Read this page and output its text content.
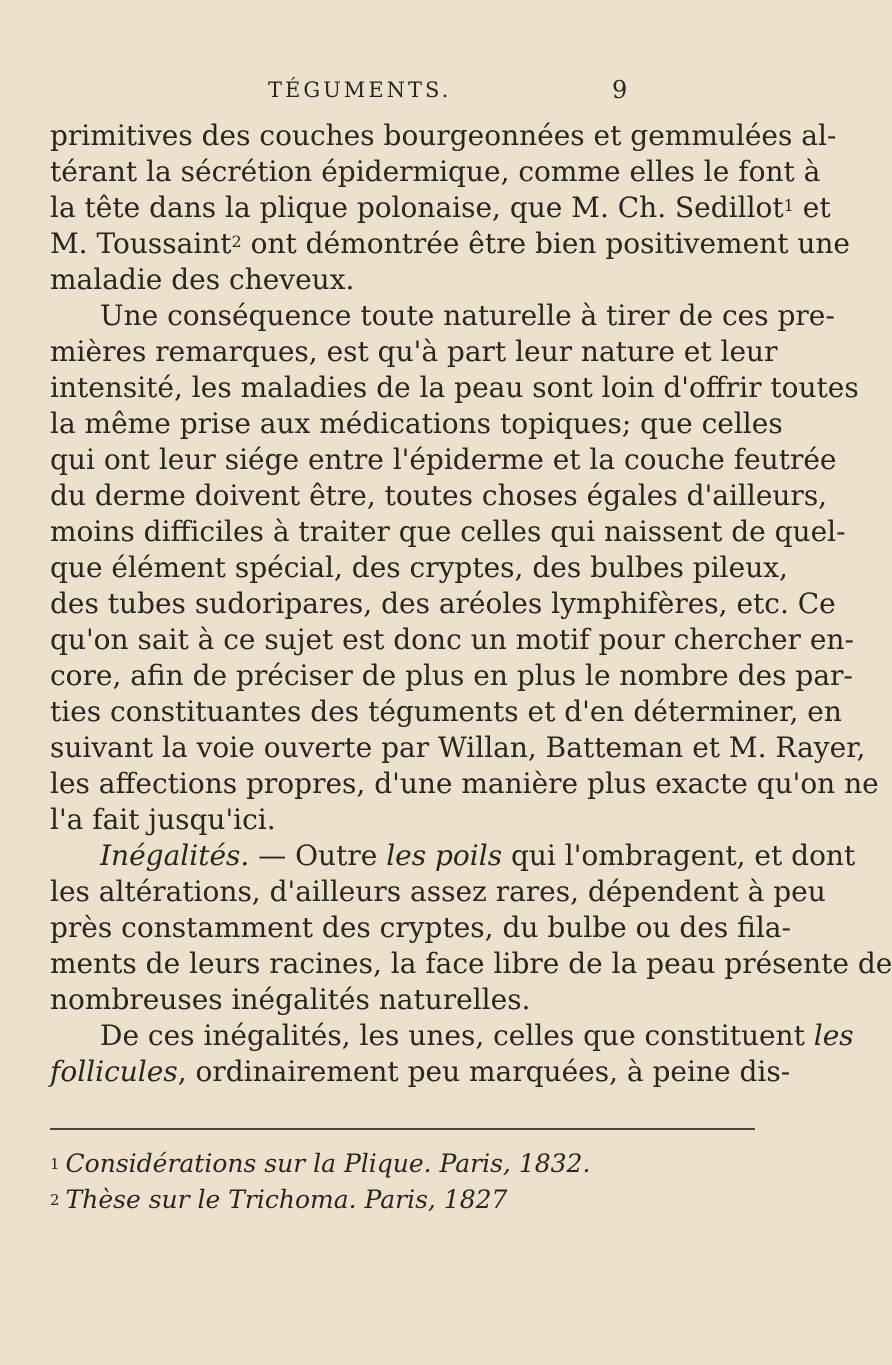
TÉGUMENTS.	9
primitives des couches bourgeonnées et gemmulées al-
térant la sécrétion épidermique, comme elles le font à
la tête dans la plique polonaise, que M. Ch. Sedillot$^1$ et
M. Toussaint$^2$ ont démontrée être bien positivement une
maladie des cheveux.
Une conséquence toute naturelle à tirer de ces pre-
mières remarques, est qu'à part leur nature et leur
intensité, les maladies de la peau sont loin d'offrir toutes
la même prise aux médications topiques; que celles
qui ont leur siége entre l'épiderme et la couche feutrée
du derme doivent être, toutes choses égales d'ailleurs,
moins difficiles à traiter que celles qui naissent de quel-
que élément spécial, des cryptes, des bulbes pileux,
des tubes sudoripares, des aréoles lymphifères, etc. Ce
qu'on sait à ce sujet est donc un motif pour chercher en-
core, afin de préciser de plus en plus le nombre des par-
ties constituantes des téguments et d'en déterminer, en
suivant la voie ouverte par Willan, Batteman et M. Rayer,
les affections propres, d'une manière plus exacte qu'on ne
l'a fait jusqu'ici.
Inégalités. — Outre les poils qui l'ombragent, et dont
les altérations, d'ailleurs assez rares, dépendent à peu
près constamment des cryptes, du bulbe ou des fila-
ments de leurs racines, la face libre de la peau présente de
nombreuses inégalités naturelles.
De ces inégalités, les unes, celles que constituent les
follicules, ordinairement peu marquées, à peine dis-
$^1$ Considérations sur la Plique. Paris, 1832.
$^2$ Thèse sur le Trichoma. Paris, 1827
